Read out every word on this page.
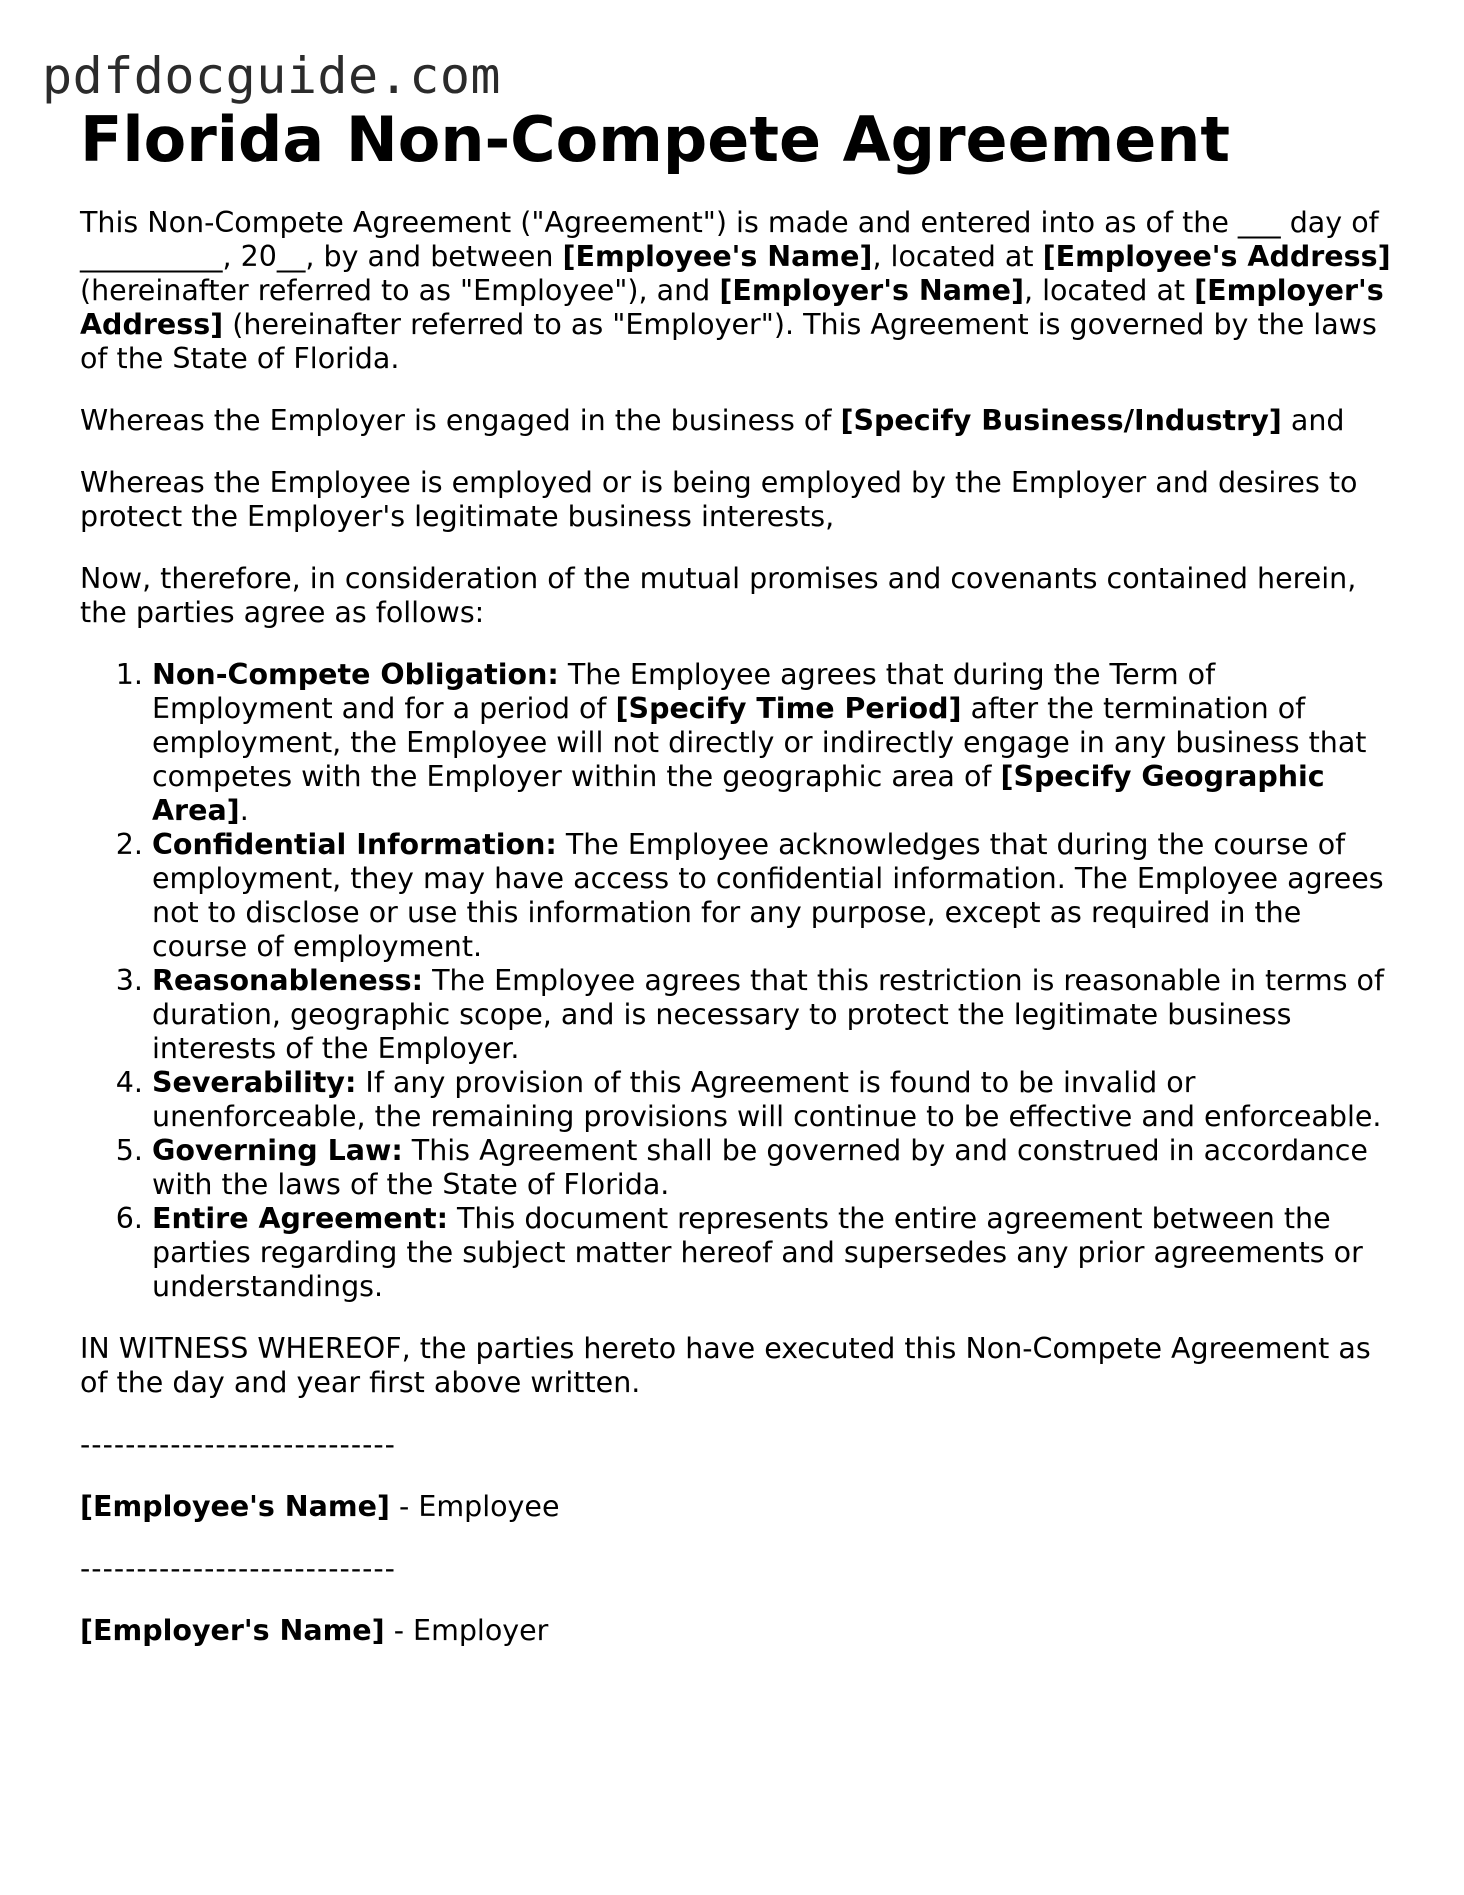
pdfdocguide.com
Florida Non-Compete Agreement

This Non-Compete Agreement ("Agreement") is made and entered into as of the ___ day of __________, 20__, by and between [Employee's Name], located at [Employee's Address] (hereinafter referred to as "Employee"), and [Employer's Name], located at [Employer's Address] (hereinafter referred to as "Employer"). This Agreement is governed by the laws of the State of Florida.

Whereas the Employer is engaged in the business of [Specify Business/Industry] and

Whereas the Employee is employed or is being employed by the Employer and desires to protect the Employer's legitimate business interests,

Now, therefore, in consideration of the mutual promises and covenants contained herein, the parties agree as follows:

1. Non-Compete Obligation: The Employee agrees that during the Term of Employment and for a period of [Specify Time Period] after the termination of employment, the Employee will not directly or indirectly engage in any business that competes with the Employer within the geographic area of [Specify Geographic Area].
2. Confidential Information: The Employee acknowledges that during the course of employment, they may have access to confidential information. The Employee agrees not to disclose or use this information for any purpose, except as required in the course of employment.
3. Reasonableness: The Employee agrees that this restriction is reasonable in terms of duration, geographic scope, and is necessary to protect the legitimate business interests of the Employer.
4. Severability: If any provision of this Agreement is found to be invalid or unenforceable, the remaining provisions will continue to be effective and enforceable.
5. Governing Law: This Agreement shall be governed by and construed in accordance with the laws of the State of Florida.
6. Entire Agreement: This document represents the entire agreement between the parties regarding the subject matter hereof and supersedes any prior agreements or understandings.

IN WITNESS WHEREOF, the parties hereto have executed this Non-Compete Agreement as of the day and year first above written.

----------------------------

[Employee's Name] - Employee

----------------------------

[Employer's Name] - Employer
